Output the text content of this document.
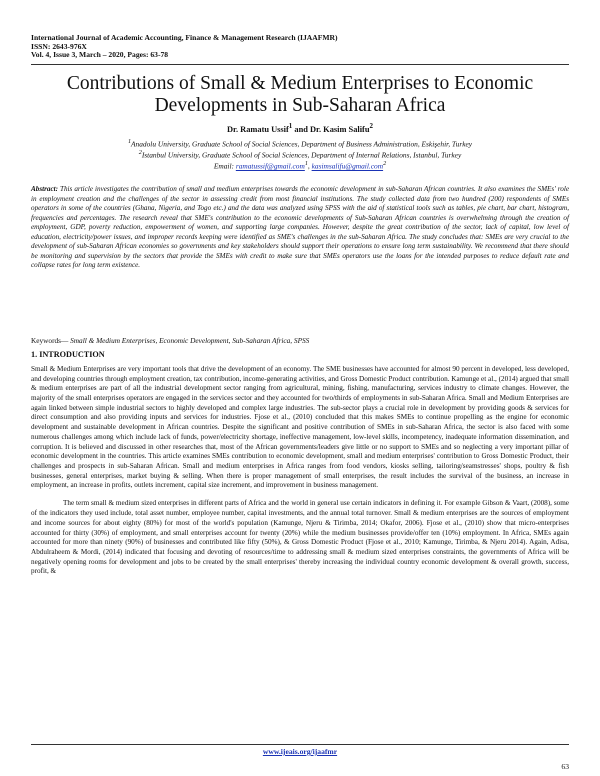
International Journal of Academic Accounting, Finance & Management Research (IJAAFMR)
ISSN: 2643-976X
Vol. 4, Issue 3, March – 2020, Pages: 63-78
Contributions of Small & Medium Enterprises to Economic
Developments in Sub-Saharan Africa
Dr. Ramatu Ussif$^1$ and Dr. Kasim Salifu$^2$
$^1$Anadolu University, Graduate School of Social Sciences, Department of Business Administration, Eskişehir, Turkey
$^2$Istanbul University, Graduate School of Social Sciences, Department of Internal Relations, Istanbul, Turkey
Email: ramatussif@gmail.com$^1$, kasimsalifu@gmail.com$^2$
Abstract: This article investigates the contribution of small and medium enterprises towards the economic development in sub-Saharan African countries. It also examines the SMEs' role in employment creation and the challenges of the sector in assessing credit from most financial institutions. The study collected data from two hundred (200) respondents of SMEs operators in some of the countries (Ghana, Nigeria, and Togo etc.) and the data was analyzed using SPSS with the aid of statistical tools such as tables, pie chart, bar chart, histogram, frequencies and percentages. The research reveal that SME's contribution to the economic developments of Sub-Saharan African countries is overwhelming through the creation of employment, GDP, poverty reduction, empowerment of women, and supporting large companies. However, despite the great contribution of the sector, lack of capital, low level of education, electricity/power issues, and improper records keeping were identified as SME's challenges in the sub-Saharan Africa. The study concludes that: SMEs are very crucial to the development of sub-Saharan African economies so governments and key stakeholders should support their operations to ensure long term sustainability. We recommend that there should be monitoring and supervision by the sectors that provide the SMEs with credit to make sure that SMEs operators use the loans for the intended purposes to reduce default rate and collapse rates for long term existence.
Keywords— Small & Medium Enterprises, Economic Development, Sub-Saharan Africa, SPSS
1. INTRODUCTION

Small & Medium Enterprises are very important tools that drive the development of an economy. The SME businesses have accounted for almost 90 percent in developed, less developed, and developing countries through employment creation, tax contribution, income-generating activities, and Gross Domestic Product contribution. Kamunge et al., (2014) argued that small & medium enterprises are part of all the industrial development sector ranging from agricultural, mining, fishing, manufacturing, services industry to climate changes. However, the majority of the small enterprises operators are engaged in the services sector and they accounted for two/thirds of employments in sub-Saharan Africa. Small and Medium Enterprises are again linked between simple industrial sectors to highly developed and complex large industries. The sub-sector plays a crucial role in development by providing goods & services for direct consumption and also providing inputs and services for industries. Fjose et al., (2010) concluded that this makes SMEs to continue propelling as the engine for economic development and sustainable development in African countries. Despite the significant and positive contribution of SMEs in sub-Saharan Africa, the sector is also faced with some numerous challenges among which include lack of funds, power/electricity shortage, ineffective management, low-level skills, incompetency, inadequate information dissemination, and corruption. It is believed and discussed in other researches that, most of the African governments/leaders give little or no support to SMEs and so neglecting a very important pillar of economic development in the countries. This article examines SMEs contribution to economic development, small and medium enterprises' contribution to Gross Domestic Product, their challenges and prospects in sub-Saharan African. Small and medium enterprises in Africa ranges from food vendors, kiosks selling, tailoring/seamstresses' shops, poultry & fish businesses, general enterprises, market buying & selling. When there is proper management of small enterprises, the result includes the survival of the business, an increase in employment, an increase in profits, outlets increment, capital size increment, and improvement in business management.

The term small & medium sized enterprises in different parts of Africa and the world in general use certain indicators in defining it. For example Gibson & Vaart, (2008), some of the indicators they used include, total asset number, employee number, capital investments, and the annual total turnover. Small & medium enterprises are the sources of employment and income sources for about eighty (80%) for most of the world's population (Kamunge, Njeru & Tirimba, 2014; Okafor, 2006). Fjose et al., (2010) show that micro-enterprises accounted for thirty (30%) of employment, and small enterprises account for twenty (20%) while the medium businesses provide/offer ten (10%) employment. In Africa, SMEs again accounted for more than ninety (90%) of businesses and contributed like fifty (50%), & Gross Domestic Product (Fjose et al., 2010; Kamunge, Tirimba, & Njeru 2014). Again, Adisa, Abdulraheem & Mordi, (2014) indicated that focusing and devoting of resources/time to addressing small & medium sized enterprises constraints, the governments of Africa will be negatively opening rooms for development and jobs to be created by the small enterprises' thereby increasing the individual country economic development & overall growth, success, profit, &

www.ijeais.org/ijaafmr
63
